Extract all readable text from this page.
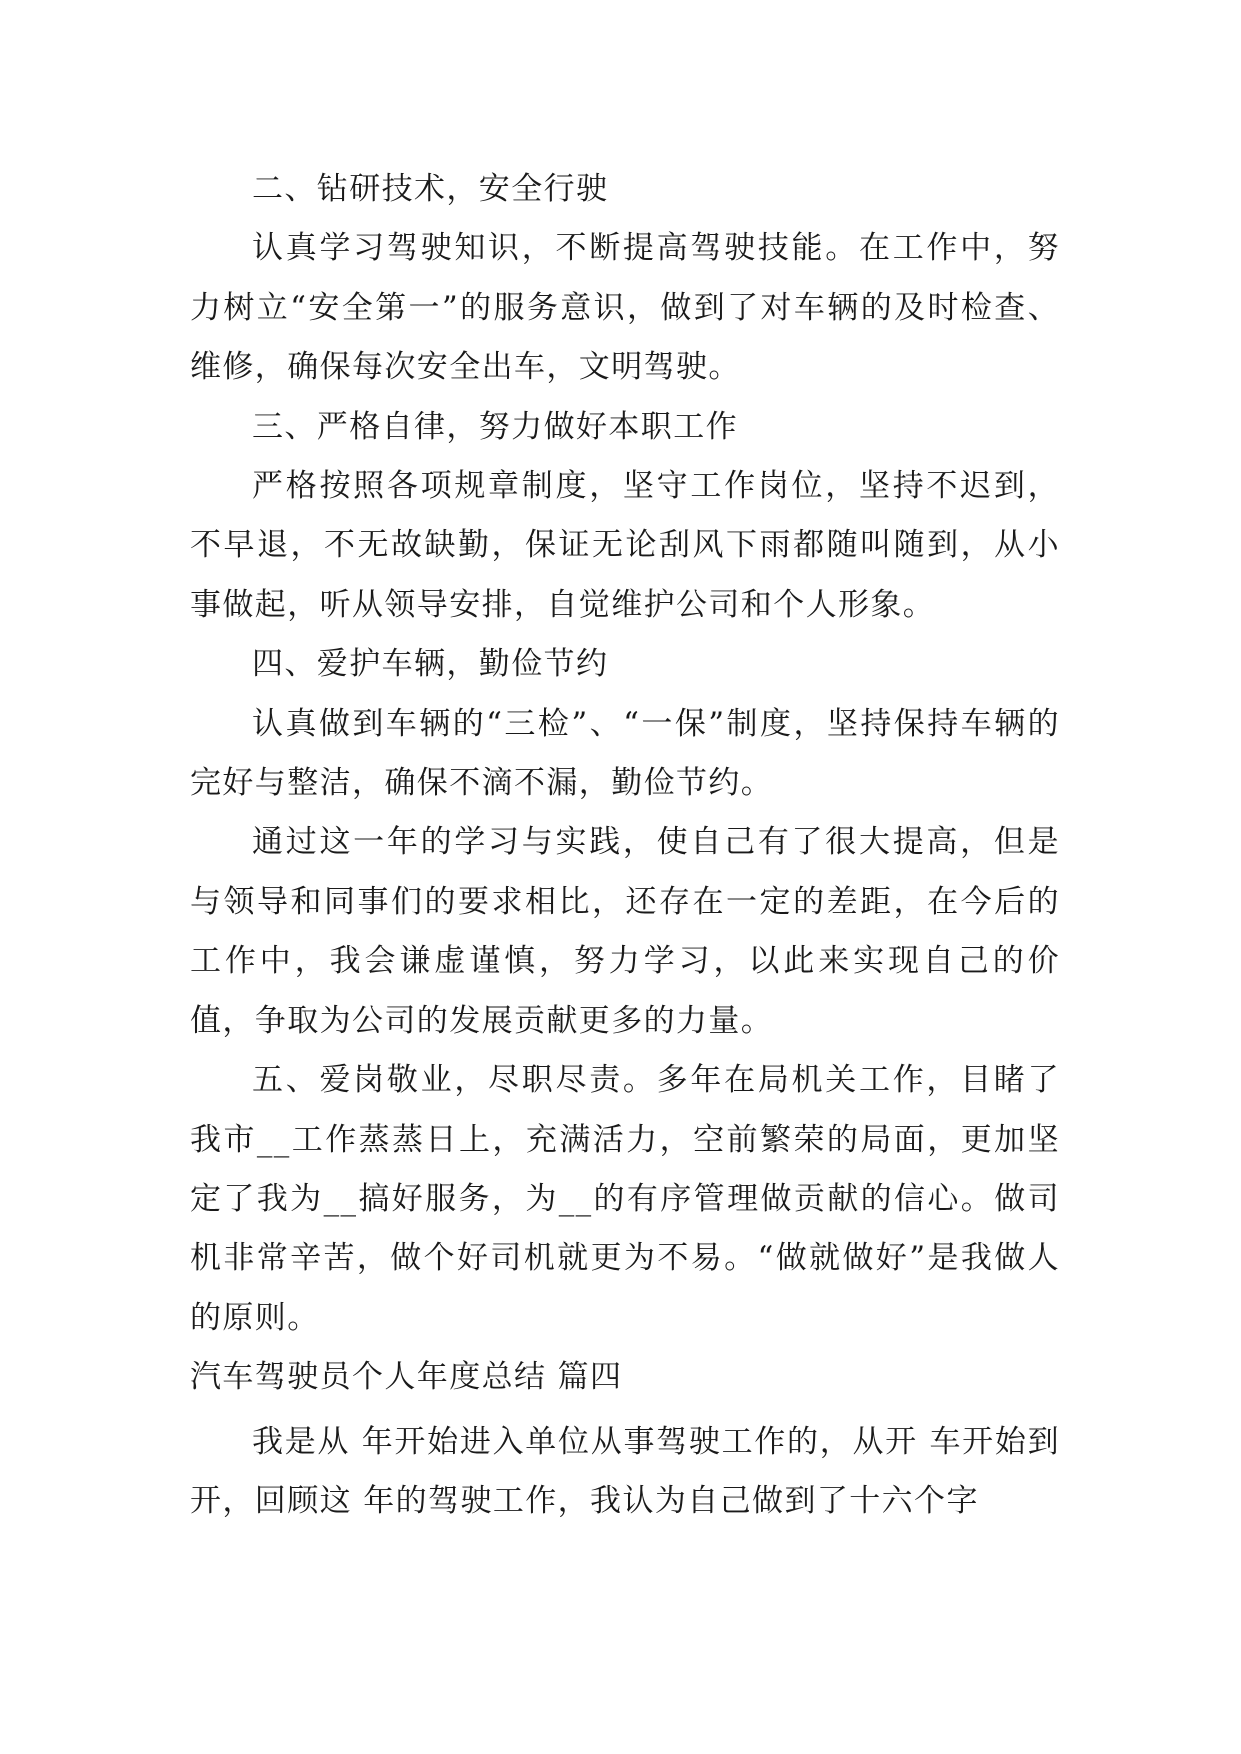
二、钻研技术，安全行驶

认真学习驾驶知识，不断提高驾驶技能。在工作中，努力树立“安全第一”的服务意识，做到了对车辆的及时检查、维修，确保每次安全出车，文明驾驶。

三、严格自律，努力做好本职工作

严格按照各项规章制度，坚守工作岗位，坚持不迟到，不早退，不无故缺勤，保证无论刮风下雨都随叫随到，从小事做起，听从领导安排，自觉维护公司和个人形象。

四、爱护车辆，勤俭节约

认真做到车辆的“三检”、“一保”制度，坚持保持车辆的完好与整洁，确保不滴不漏，勤俭节约。

通过这一年的学习与实践，使自己有了很大提高，但是与领导和同事们的要求相比，还存在一定的差距，在今后的工作中，我会谦虚谨慎，努力学习，以此来实现自己的价值，争取为公司的发展贡献更多的力量。

五、爱岗敬业，尽职尽责。多年在局机关工作，目睹了我市__工作蒸蒸日上，充满活力，空前繁荣的局面，更加坚定了我为__搞好服务，为__的有序管理做贡献的信心。做司机非常辛苦，做个好司机就更为不易。“做就做好”是我做人的原则。

汽车驾驶员个人年度总结 篇四

我是从 年开始进入单位从事驾驶工作的，从开 车开始到开，回顾这 年的驾驶工作，我认为自己做到了十六个字
